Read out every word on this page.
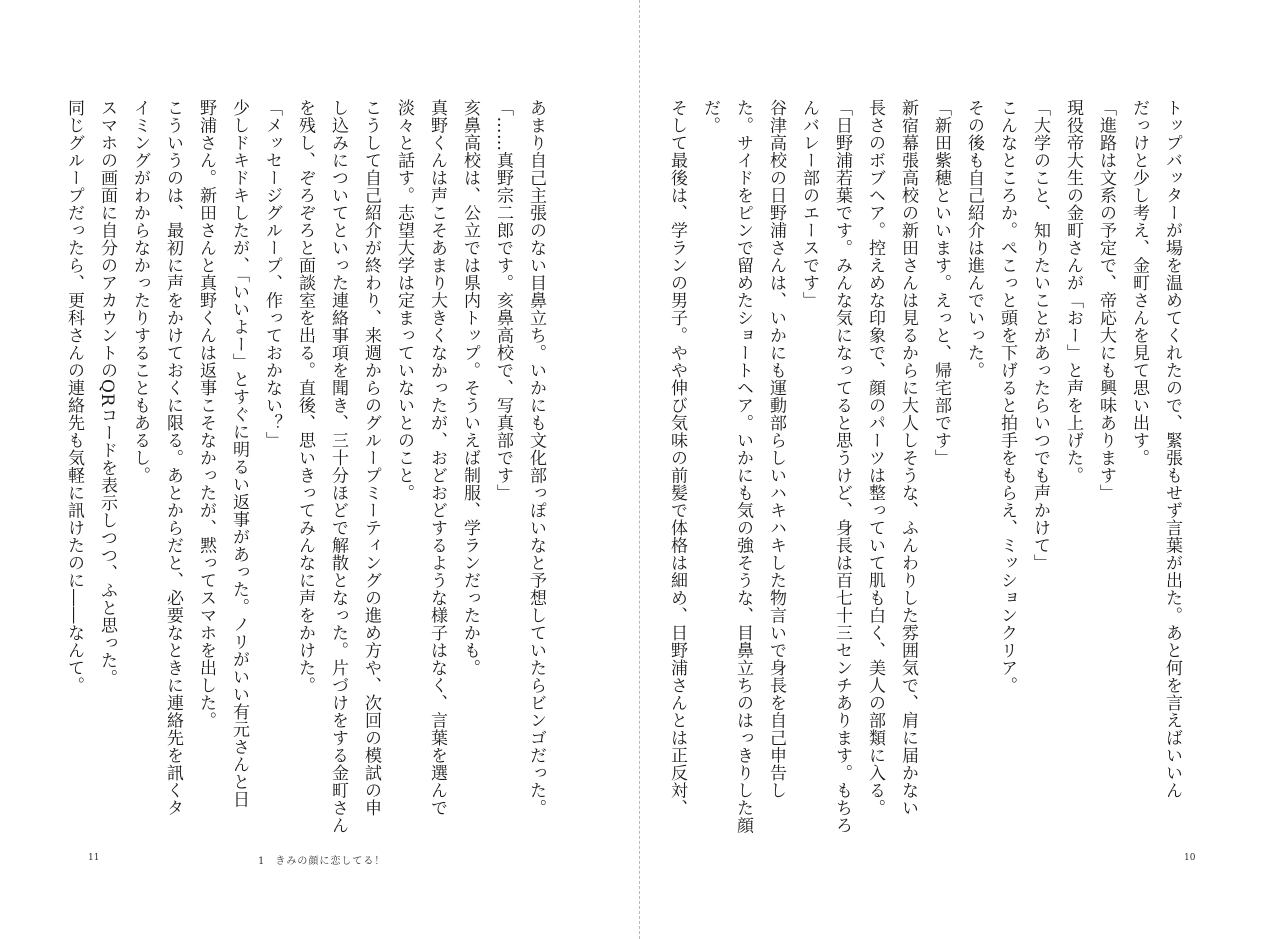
あまり自己主張のない目鼻立ち。いかにも文化部っぽいなと予想していたらビンゴだった。

「……真野宗二郎です。亥鼻高校で、写真部です」

亥鼻高校は、公立では県内トップ。そういえば制服、学ランだったかも。

真野くんは声こそあまり大きくなかったが、おどおどするような様子はなく、言葉を選んで

淡々と話す。志望大学は定まっていないとのこと。

こうして自己紹介が終わり、来週からのグループミーティングの進め方や、次回の模試の申

し込みについてといった連絡事項を聞き、三十分ほどで解散となった。片づけをする金町さん

を残し、ぞろぞろと面談室を出る。直後、思いきってみんなに声をかけた。

「メッセージグループ、作っておかない？」

少しドキドキしたが、「いいよー」とすぐに明るい返事があった。ノリがいい有元さんと日

野浦さん。新田さんと真野くんは返事こそなかったが、黙ってスマホを出した。

こういうのは、最初に声をかけておくに限る。あとからだと、必要なときに連絡先を訊くタ

イミングがわからなかったりすることもあるし。

スマホの画面に自分のアカウントのQRコードを表示しつつ、ふと思った。

同じグループだったら、更科さんの連絡先も気軽に訊けたのに――なんて。

11	1 きみの顔に恋してる！

トップバッターが場を温めてくれたので、緊張もせず言葉が出た。あと何を言えばいいん

だっけと少し考え、金町さんを見て思い出す。

「進路は文系の予定で、帝応大にも興味あります」

現役帝大生の金町さんが「おー」と声を上げた。

「大学のこと、知りたいことがあったらいつでも声かけて」

こんなところか。ぺこっと頭を下げると拍手をもらえ、ミッションクリア。

その後も自己紹介は進んでいった。

「新田紫穂といいます。えっと、帰宅部です」

新宿幕張高校の新田さんは見るからに大人しそうな、ふんわりした雰囲気で、肩に届かない

長さのボブヘア。控えめな印象で、顔のパーツは整っていて肌も白く、美人の部類に入る。

「日野浦若葉です。みんな気になってると思うけど、身長は百七十三センチあります。もちろ

んバレー部のエースです」

谷津高校の日野浦さんは、いかにも運動部らしいハキハキした物言いで身長を自己申告し

た。サイドをピンで留めたショートヘア。いかにも気の強そうな、目鼻立ちのはっきりした顔

だ。

そして最後は、学ランの男子。やや伸び気味の前髪で体格は細め、日野浦さんとは正反対、

10
